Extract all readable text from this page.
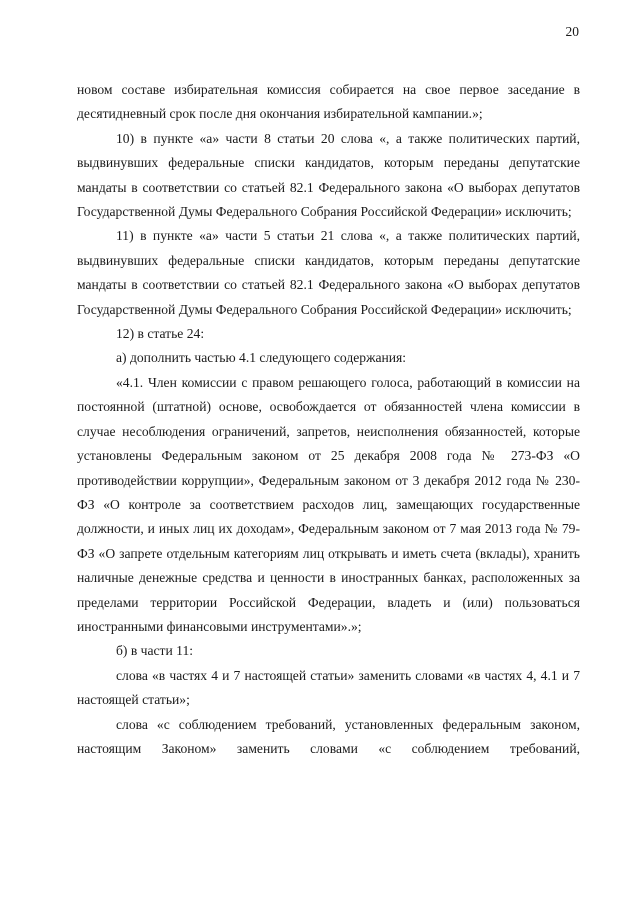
20

новом составе избирательная комиссия собирается на свое первое заседание в десятидневный срок после дня окончания избирательной кампании.»;

10) в пункте «а» части 8 статьи 20 слова «, а также политических партий, выдвинувших федеральные списки кандидатов, которым переданы депутатские мандаты в соответствии со статьей 82.1 Федерального закона «О выборах депутатов Государственной Думы Федерального Собрания Российской Федерации» исключить;

11) в пункте «а» части 5 статьи 21 слова «, а также политических партий, выдвинувших федеральные списки кандидатов, которым переданы депутатские мандаты в соответствии со статьей 82.1 Федерального закона «О выборах депутатов Государственной Думы Федерального Собрания Российской Федерации» исключить;

12) в статье 24:

а) дополнить частью 4.1 следующего содержания:

«4.1. Член комиссии с правом решающего голоса, работающий в комиссии на постоянной (штатной) основе, освобождается от обязанностей члена комиссии в случае несоблюдения ограничений, запретов, неисполнения обязанностей, которые установлены Федеральным законом от 25 декабря 2008 года № 273-ФЗ «О противодействии коррупции», Федеральным законом от 3 декабря 2012 года № 230-ФЗ «О контроле за соответствием расходов лиц, замещающих государственные должности, и иных лиц их доходам», Федеральным законом от 7 мая 2013 года № 79-ФЗ «О запрете отдельным категориям лиц открывать и иметь счета (вклады), хранить наличные денежные средства и ценности в иностранных банках, расположенных за пределами территории Российской Федерации, владеть и (или) пользоваться иностранными финансовыми инструментами».»;

б) в части 11:

слова «в частях 4 и 7 настоящей статьи» заменить словами «в частях 4, 4.1 и 7 настоящей статьи»;

слова «с соблюдением требований, установленных федеральным законом, настоящим Законом» заменить словами «с соблюдением требований,
